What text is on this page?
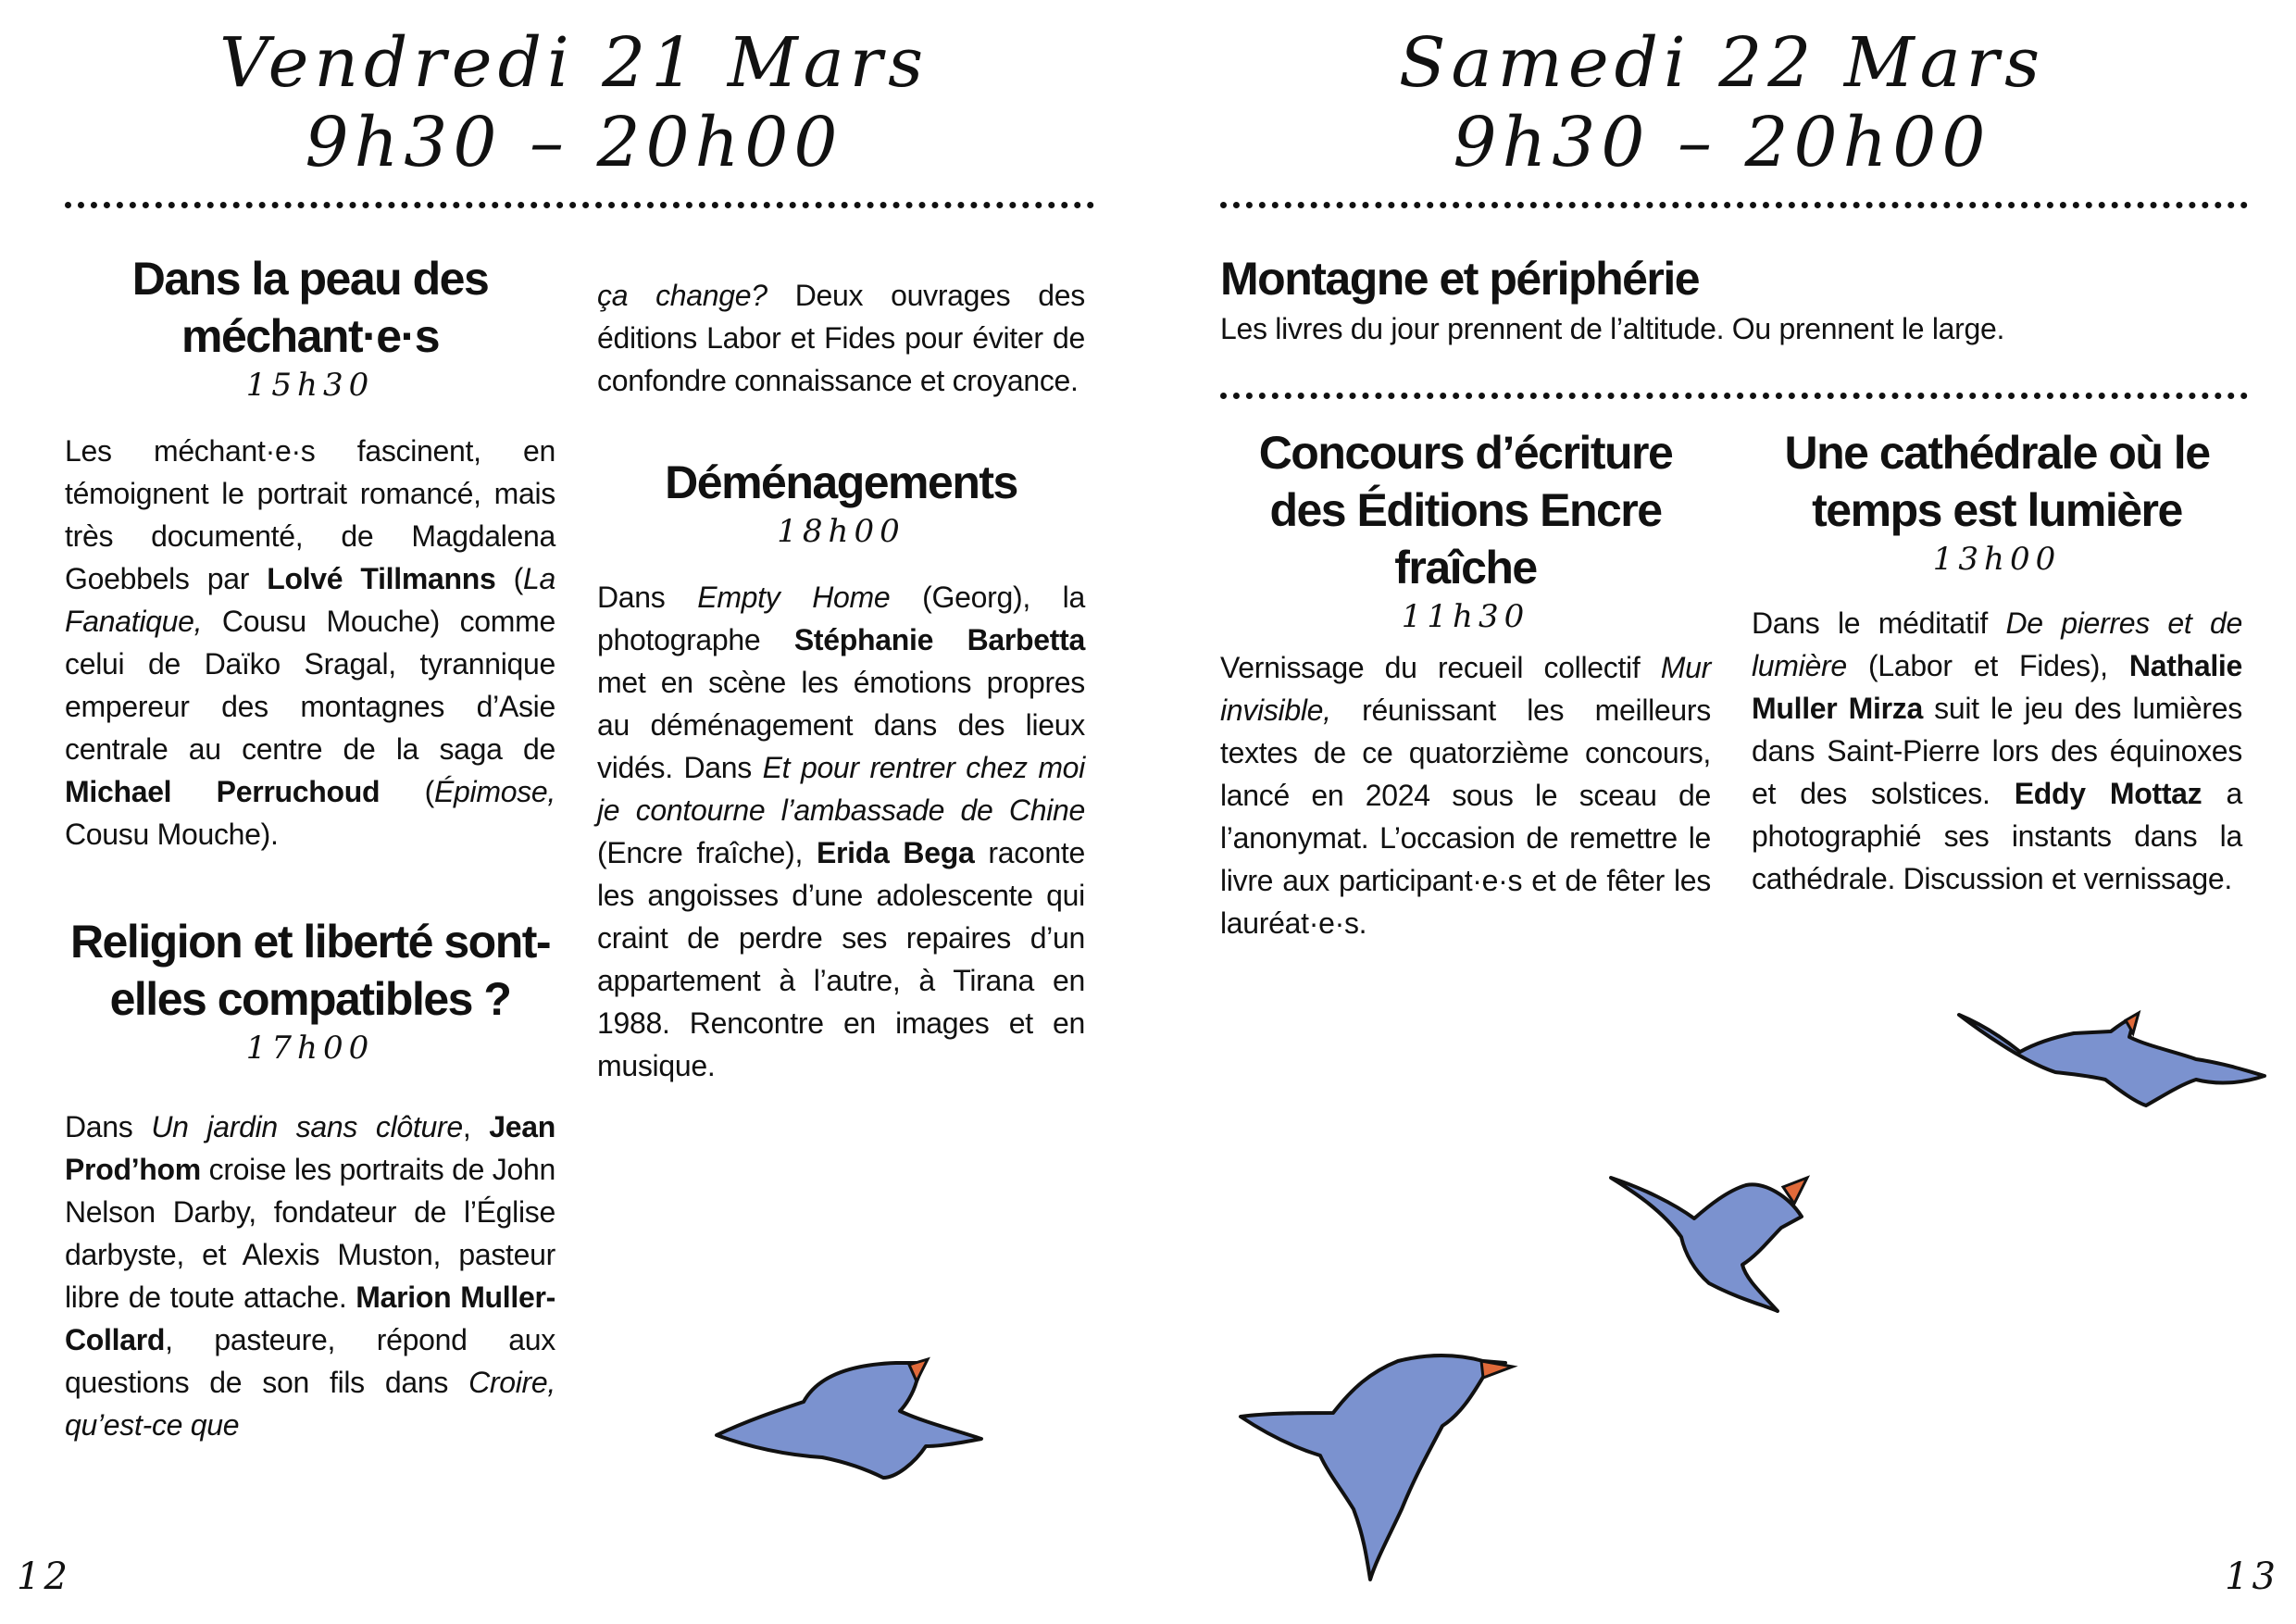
Vendredi 21 Mars
9h30 – 20h00
Dans la peau des méchant·e·s
15h30

Les méchant·e·s fascinent, en témoignent le portrait romancé, mais très documenté, de Magdalena Goebbels par Lolvé Tillmanns (La Fanatique, Cousu Mouche) comme celui de Daïko Sragal, tyrannique empereur des montagnes d’Asie centrale au centre de la saga de Michael Perruchoud (Épimose, Cousu Mouche).

Religion et liberté sont-elles compatibles ?
17h00

Dans Un jardin sans clôture, Jean Prod’hom croise les portraits de John Nelson Darby, fondateur de l’Église darbyste, et Alexis Muston, pasteur libre de toute attache. Marion Muller-Collard, pasteure, répond aux questions de son fils dans Croire, qu’est-ce que

ça change? Deux ouvrages des éditions Labor et Fides pour éviter de confondre connaissance et croyance.

Déménagements
18h00

Dans Empty Home (Georg), la photographe Stéphanie Barbetta met en scène les émotions propres au déménagement dans des lieux vidés. Dans Et pour rentrer chez moi je contourne l’ambassade de Chine (Encre fraîche), Erida Bega raconte les angoisses d’une adolescente qui craint de perdre ses repaires d’un appartement à l’autre, à Tirana en 1988. Rencontre en images et en musique.

12
Samedi 22 Mars
9h30 – 20h00
Montagne et périphérie

Les livres du jour prennent de l’altitude. Ou prennent le large.

Concours d’écriture des Éditions Encre fraîche
11h30

Vernissage du recueil collectif Mur invisible, réunissant les meilleurs textes de ce quatorzième concours, lancé en 2024 sous le sceau de l’anonymat. L’occasion de remettre le livre aux participant·e·s et de fêter les lauréat·e·s.

Une cathédrale où le temps est lumière
13h00

Dans le méditatif De pierres et de lumière (Labor et Fides), Nathalie Muller Mirza suit le jeu des lumières dans Saint-Pierre lors des équinoxes et des solstices. Eddy Mottaz a photographié ses instants dans la cathédrale. Discussion et vernissage.

13
